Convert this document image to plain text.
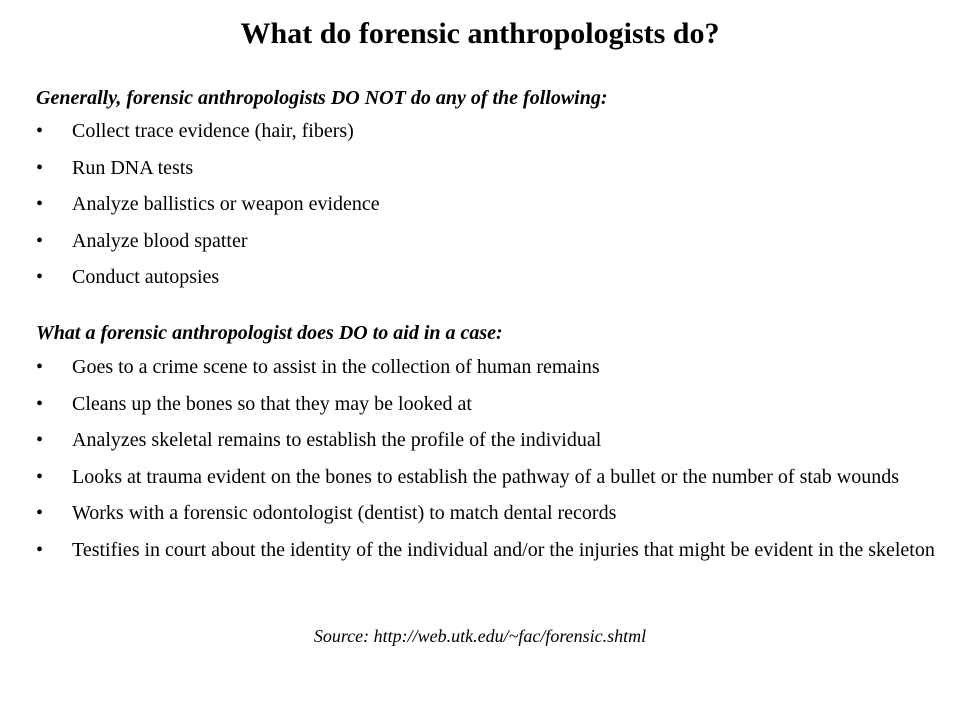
What do forensic anthropologists do?

Generally, forensic anthropologists DO NOT do any of the following:

•	Collect trace evidence (hair, fibers)
•	Run DNA tests
•	Analyze ballistics or weapon evidence
•	Analyze blood spatter
•	Conduct autopsies

What a forensic anthropologist does DO to aid in a case:

•	Goes to a crime scene to assist in the collection of human remains
•	Cleans up the bones so that they may be looked at
•	Analyzes skeletal remains to establish the profile of the individual
•	Looks at trauma evident on the bones to establish the pathway of a bullet or the number of stab wounds
•	Works with a forensic odontologist (dentist) to match dental records
•	Testifies in court about the identity of the individual and/or the injuries that might be evident in the skeleton

Source: http://web.utk.edu/~fac/forensic.shtml
